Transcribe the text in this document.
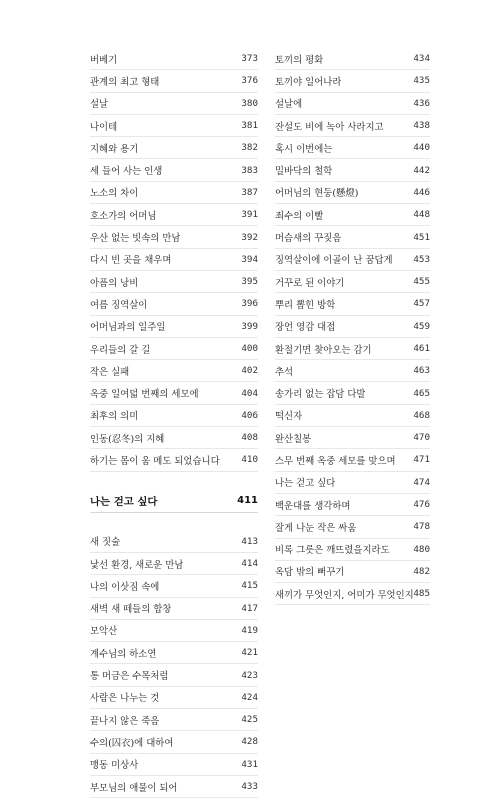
버베기	373
관계의 최고 형태	376
설날	380
나이테	381
지혜와 용기	382
세 들어 사는 인생	383
노소의 차이	387
호소가의 어머님	391
우산 없는 빗속의 만남	392
다시 빈 곳을 채우며	394
아픔의 낭비	395
여름 징역살이	396
어머님과의 일주일	399
우리들의 갈 길	400
작은 실패	402
옥중 일여덟 번째의 세모에	404
최후의 의미	406
인동(忍冬)의 지혜	408
하기는 몸이 움 메도 되었습니다 410
나는 걷고 싶다	411
새 짓술	413
낯선 환경, 새로운 만남	414
나의 이삿짐 속에	415
새벽 새 떼들의 합창	417
모악산	419
계수님의 하소연	421
통 머금은 수목처럼	423
사람은 나누는 것	424
끝나지 않은 죽음	425
수의(囚衣)에 대하여	428
맹동 미상사	431
부모님의 애물이 되어	433
토끼의 평화	434
토끼야 일어나라	435
설날에	436
잔설도 비에 녹아 사라지고	438
혹시 이번에는	440
밀바닥의 철학	442
어머님의 현둥(懸燈)	446
죄수의 이빨	448
머슴새의 꾸짖음	451
징역살이에 이골이 난 꿈답게 453
거꾸로 된 이야기	455
뿌리 뽑힌 방학	457
장언 영감 대접	459
환절기면 찾아오는 감기	461
추석	463
송가리 없는 잡담 다발	465
떡신자	468
완산칠봉	470
스무 번째 옥중 세모를 맞으며 471
나는 걷고 싶다	474
백운대를 생각하며	476
잘게 나눈 작은 싸움	478
비록 그릇은 깨뜨렸을지라도	480
옥담 밖의 뻐꾸기	482
새끼가 무엇인지, 어미가 무엇인지 485
